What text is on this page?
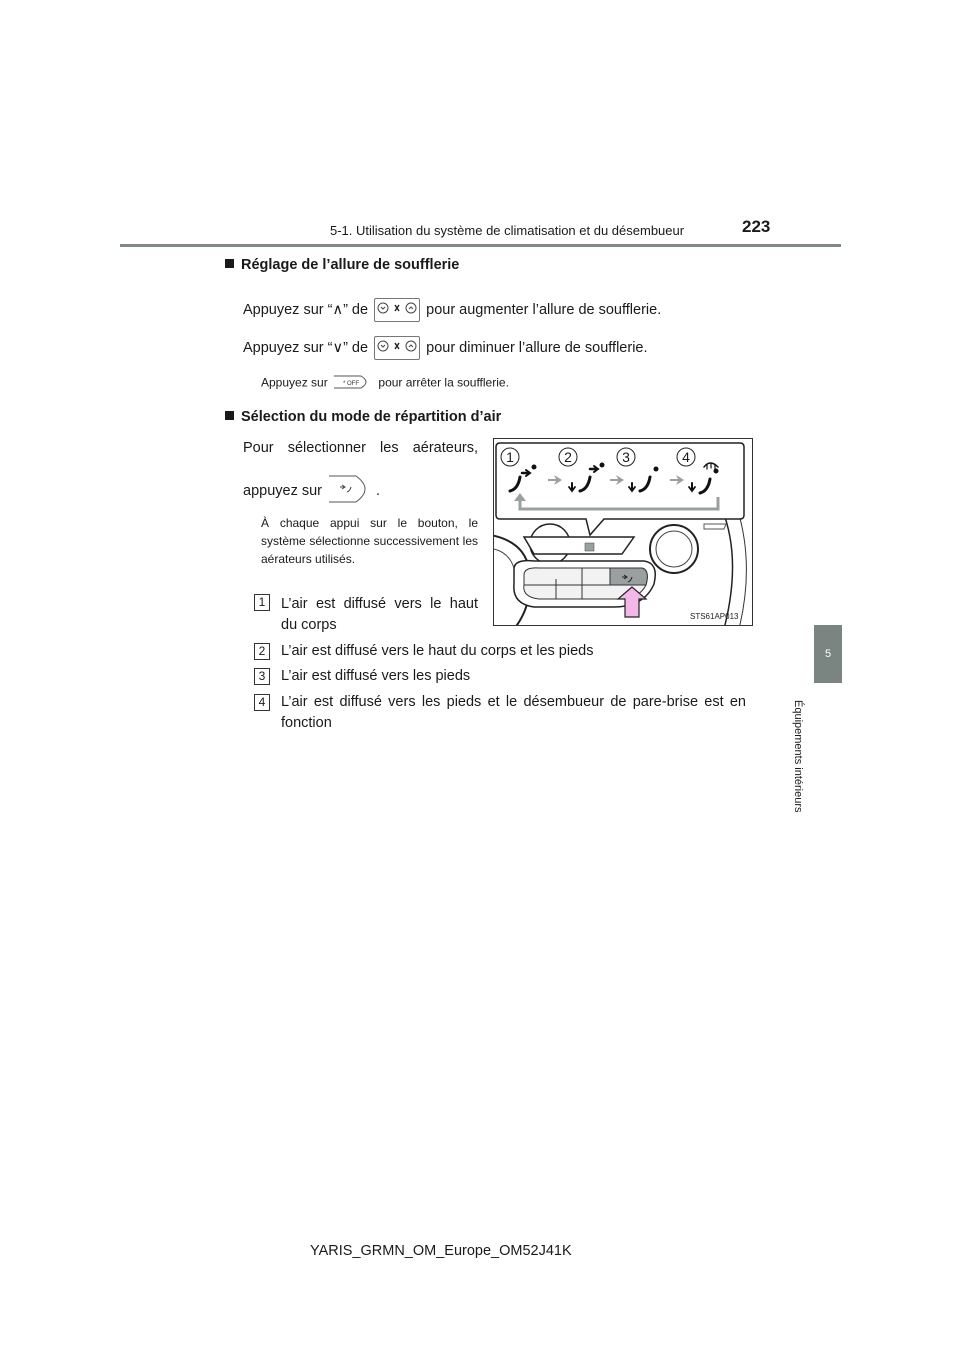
5-1. Utilisation du système de climatisation et du désembueur	223
5
Équipements intérieurs
Réglage de l’allure de soufflerie
Appuyez sur “∧” de	pour augmenter l’allure de soufflerie.
Appuyez sur “∨” de	pour diminuer l’allure de soufflerie.
Appuyez sur	* OFF pour arrêter la soufflerie.
Sélection du mode de répartition d’air
Pour sélectionner les aérateurs,
appuyez sur	.
À chaque appui sur le bouton, le système sélectionne successivement les aérateurs utilisés.
1	L’air est diffusé vers le haut
du corps
2	L’air est diffusé vers le haut du corps et les pieds
3	L’air est diffusé vers les pieds
4	L’air est diffusé vers les pieds et le désembueur de pare-brise est en
fonction
1	2	3	4
STS61AP013
YARIS_GRMN_OM_Europe_OM52J41K
